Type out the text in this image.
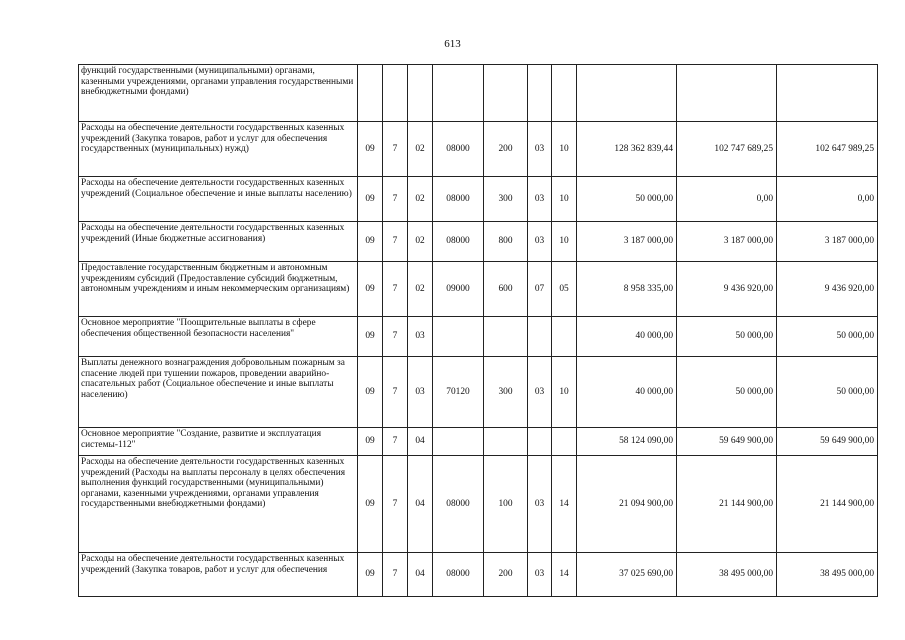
613
функций государственными (муниципальными) органами, казенными учреждениями, органами управления государственными внебюджетными фондами)										
Расходы на обеспечение деятельности государственных казенных учреждений (Закупка товаров, работ и услуг для обеспечения государственных (муниципальных) нужд)	09	7	02	08000	200	03	10	128 362 839,44	102 747 689,25	102 647 989,25
Расходы на обеспечение деятельности государственных казенных учреждений (Социальное обеспечение и иные выплаты населению)	09	7	02	08000	300	03	10	50 000,00	0,00	0,00
Расходы на обеспечение деятельности государственных казенных учреждений (Иные бюджетные ассигнования)	09	7	02	08000	800	03	10	3 187 000,00	3 187 000,00	3 187 000,00
Предоставление государственным бюджетным и автономным учреждениям субсидий (Предоставление субсидий бюджетным, автономным учреждениям и иным некоммерческим организациям)	09	7	02	09000	600	07	05	8 958 335,00	9 436 920,00	9 436 920,00
Основное мероприятие "Поощрительные выплаты в сфере обеспечения общественной безопасности населения"	09	7	03					40 000,00	50 000,00	50 000,00
Выплаты денежного вознаграждения добровольным пожарным за спасение людей при тушении пожаров, проведении аварийно-спасательных работ (Социальное обеспечение и иные выплаты населению)	09	7	03	70120	300	03	10	40 000,00	50 000,00	50 000,00
Основное мероприятие "Создание, развитие и эксплуатация системы-112"	09	7	04					58 124 090,00	59 649 900,00	59 649 900,00
Расходы на обеспечение деятельности государственных казенных учреждений (Расходы на выплаты персоналу в целях обеспечения выполнения функций государственными (муниципальными) органами, казенными учреждениями, органами управления государственными внебюджетными фондами)	09	7	04	08000	100	03	14	21 094 900,00	21 144 900,00	21 144 900,00
Расходы на обеспечение деятельности государственных казенных учреждений (Закупка товаров, работ и услуг для обеспечения	09	7	04	08000	200	03	14	37 025 690,00	38 495 000,00	38 495 000,00
